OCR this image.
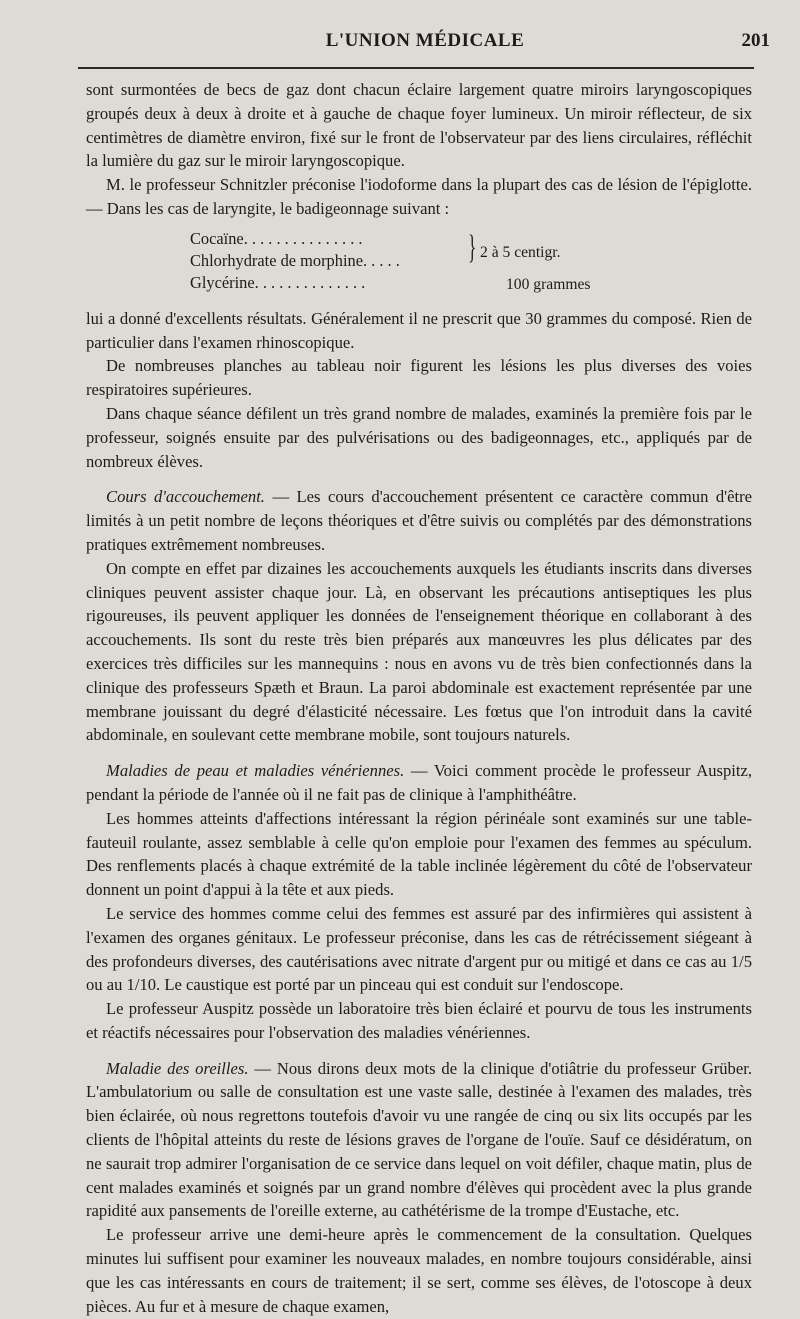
L'UNION MÉDICALE	201

sont surmontées de becs de gaz dont chacun éclaire largement quatre miroirs laryngoscopiques groupés deux à deux à droite et à gauche de chaque foyer lumineux. Un miroir réflecteur, de six centimètres de diamètre environ, fixé sur le front de l'observateur par des liens circulaires, réfléchit la lumière du gaz sur le miroir laryngoscopique.

M. le professeur Schnitzler préconise l'iodoforme dans la plupart des cas de lésion de l'épiglotte. — Dans les cas de laryngite, le badigeonnage suivant :

Cocaïne. . . . . . . . . . . . . . .
Chlorhydrate de morphine. . . . .
Glycérine. . . . . . . . . . . . . .
} 2 à 5 centigr.
100 grammes

lui a donné d'excellents résultats. Généralement il ne prescrit que 30 grammes du composé. Rien de particulier dans l'examen rhinoscopique.

De nombreuses planches au tableau noir figurent les lésions les plus diverses des voies respiratoires supérieures.

Dans chaque séance défilent un très grand nombre de malades, examinés la première fois par le professeur, soignés ensuite par des pulvérisations ou des badigeonnages, etc., appliqués par de nombreux élèves.

Cours d'accouchement. — Les cours d'accouchement présentent ce caractère commun d'être limités à un petit nombre de leçons théoriques et d'être suivis ou complétés par des démonstrations pratiques extrêmement nombreuses.

On compte en effet par dizaines les accouchements auxquels les étudiants inscrits dans diverses cliniques peuvent assister chaque jour. Là, en observant les précautions antiseptiques les plus rigoureuses, ils peuvent appliquer les données de l'enseignement théorique en collaborant à des accouchements. Ils sont du reste très bien préparés aux manœuvres les plus délicates par des exercices très difficiles sur les mannequins : nous en avons vu de très bien confectionnés dans la clinique des professeurs Spæth et Braun. La paroi abdominale est exactement représentée par une membrane jouissant du degré d'élasticité nécessaire. Les fœtus que l'on introduit dans la cavité abdominale, en soulevant cette membrane mobile, sont toujours naturels.

Maladies de peau et maladies vénériennes. — Voici comment procède le professeur Auspitz, pendant la période de l'année où il ne fait pas de clinique à l'amphithéâtre.

Les hommes atteints d'affections intéressant la région périnéale sont examinés sur une table-fauteuil roulante, assez semblable à celle qu'on emploie pour l'examen des femmes au spéculum. Des renflements placés à chaque extrémité de la table inclinée légèrement du côté de l'observateur donnent un point d'appui à la tête et aux pieds.

Le service des hommes comme celui des femmes est assuré par des infirmières qui assistent à l'examen des organes génitaux. Le professeur préconise, dans les cas de rétrécissement siégeant à des profondeurs diverses, des cautérisations avec nitrate d'argent pur ou mitigé et dans ce cas au 1/5 ou au 1/10. Le caustique est porté par un pinceau qui est conduit sur l'endoscope.

Le professeur Auspitz possède un laboratoire très bien éclairé et pourvu de tous les instruments et réactifs nécessaires pour l'observation des maladies vénériennes.

Maladie des oreilles. — Nous dirons deux mots de la clinique d'otiâtrie du professeur Grüber. L'ambulatorium ou salle de consultation est une vaste salle, destinée à l'examen des malades, très bien éclairée, où nous regrettons toutefois d'avoir vu une rangée de cinq ou six lits occupés par les clients de l'hôpital atteints du reste de lésions graves de l'organe de l'ouïe. Sauf ce désidératum, on ne saurait trop admirer l'organisation de ce service dans lequel on voit défiler, chaque matin, plus de cent malades examinés et soignés par un grand nombre d'élèves qui procèdent avec la plus grande rapidité aux pansements de l'oreille externe, au cathétérisme de la trompe d'Eustache, etc.

Le professeur arrive une demi-heure après le commencement de la consultation. Quelques minutes lui suffisent pour examiner les nouveaux malades, en nombre toujours considérable, ainsi que les cas intéressants en cours de traitement; il se sert, comme ses élèves, de l'otoscope à deux pièces. Au fur et à mesure de chaque examen,
